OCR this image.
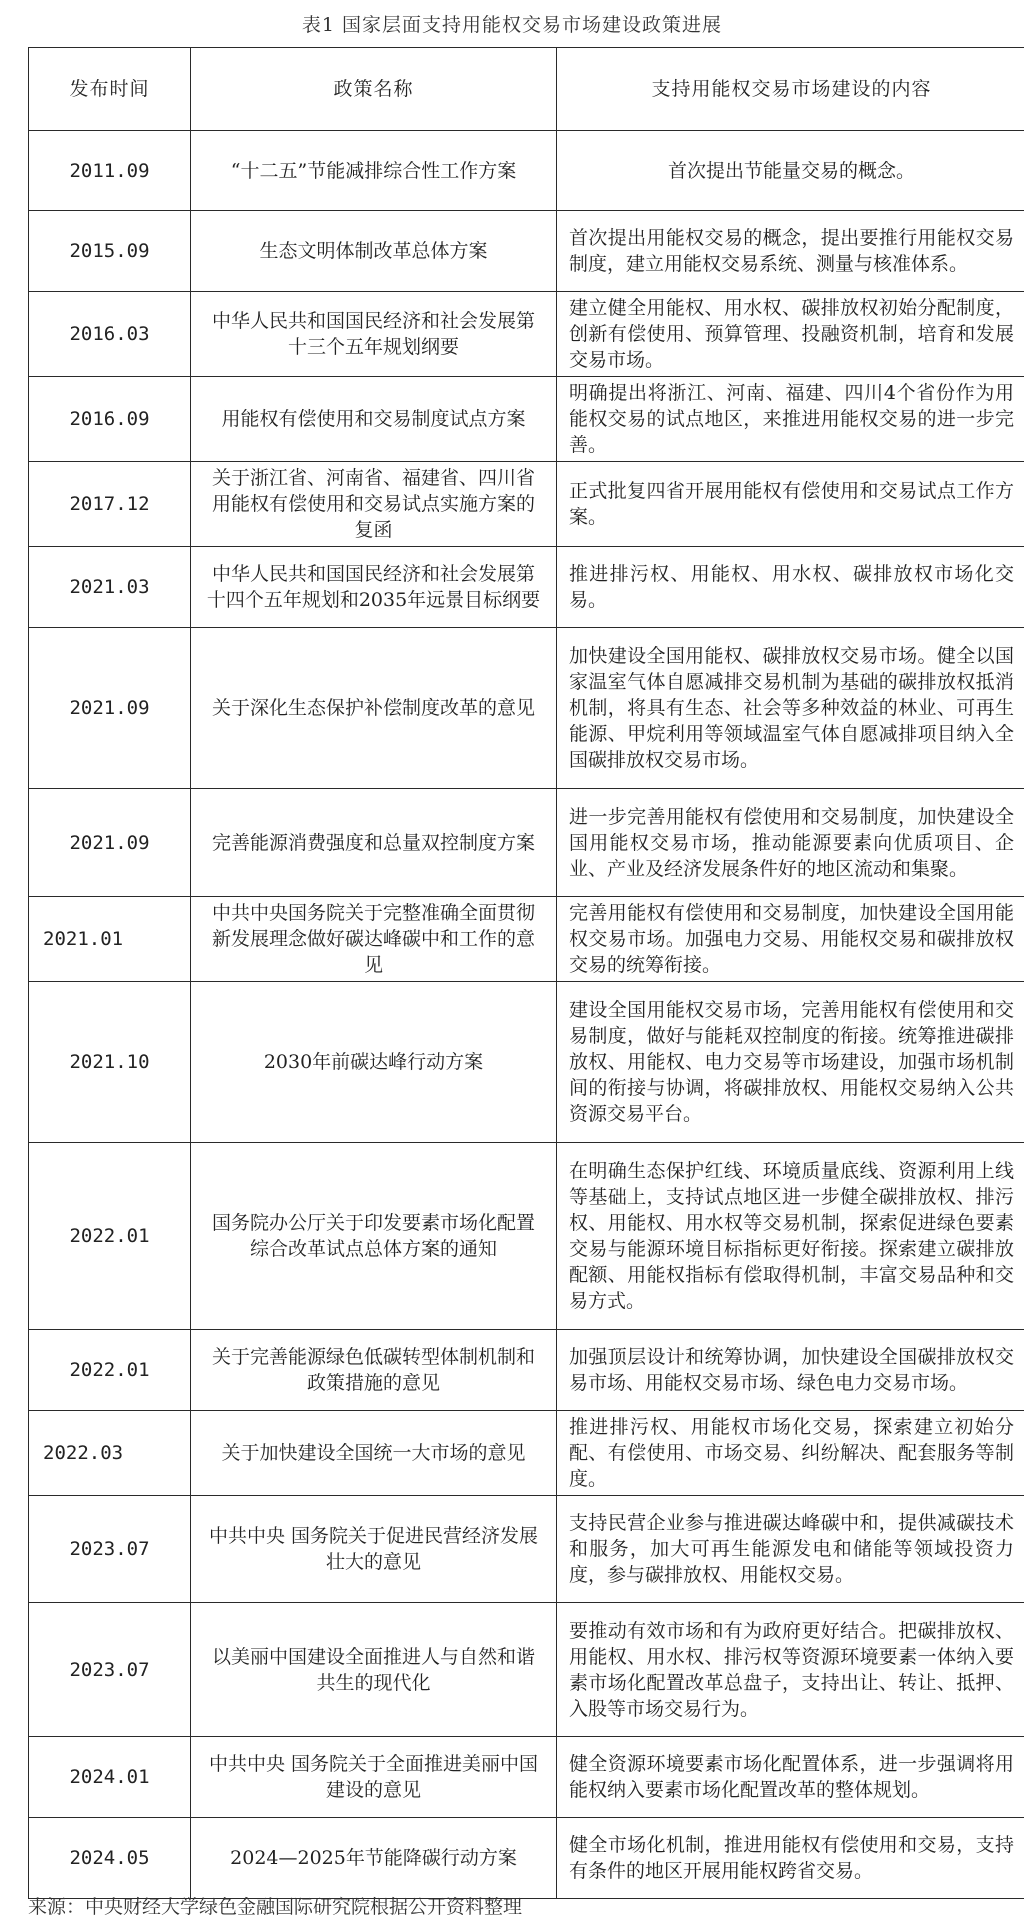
表1 国家层面支持用能权交易市场建设政策进展
发布时间	政策名称	支持用能权交易市场建设的内容
2011.09	“十二五”节能减排综合性工作方案	首次提出节能量交易的概念。
2015.09	生态文明体制改革总体方案	首次提出用能权交易的概念，提出要推行用能权交易制度，建立用能权交易系统、测量与核准体系。
2016.03	中华人民共和国国民经济和社会发展第十三个五年规划纲要	建立健全用能权、用水权、碳排放权初始分配制度，创新有偿使用、预算管理、投融资机制，培育和发展交易市场。
2016.09	用能权有偿使用和交易制度试点方案	明确提出将浙江、河南、福建、四川4个省份作为用能权交易的试点地区，来推进用能权交易的进一步完善。
2017.12	关于浙江省、河南省、福建省、四川省用能权有偿使用和交易试点实施方案的复函	正式批复四省开展用能权有偿使用和交易试点工作方案。
2021.03	中华人民共和国国民经济和社会发展第十四个五年规划和2035年远景目标纲要	推进排污权、用能权、用水权、碳排放权市场化交易。
2021.09	关于深化生态保护补偿制度改革的意见	加快建设全国用能权、碳排放权交易市场。健全以国家温室气体自愿减排交易机制为基础的碳排放权抵消机制，将具有生态、社会等多种效益的林业、可再生能源、甲烷利用等领域温室气体自愿减排项目纳入全国碳排放权交易市场。
2021.09	完善能源消费强度和总量双控制度方案	进一步完善用能权有偿使用和交易制度，加快建设全国用能权交易市场，推动能源要素向优质项目、企业、产业及经济发展条件好的地区流动和集聚。
2021.01	中共中央国务院关于完整准确全面贯彻新发展理念做好碳达峰碳中和工作的意见	完善用能权有偿使用和交易制度，加快建设全国用能权交易市场。加强电力交易、用能权交易和碳排放权交易的统筹衔接。
2021.10	2030年前碳达峰行动方案	建设全国用能权交易市场，完善用能权有偿使用和交易制度，做好与能耗双控制度的衔接。统筹推进碳排放权、用能权、电力交易等市场建设，加强市场机制间的衔接与协调，将碳排放权、用能权交易纳入公共资源交易平台。
2022.01	国务院办公厅关于印发要素市场化配置综合改革试点总体方案的通知	在明确生态保护红线、环境质量底线、资源利用上线等基础上，支持试点地区进一步健全碳排放权、排污权、用能权、用水权等交易机制，探索促进绿色要素交易与能源环境目标指标更好衔接。探索建立碳排放配额、用能权指标有偿取得机制，丰富交易品种和交易方式。
2022.01	关于完善能源绿色低碳转型体制机制和政策措施的意见	加强顶层设计和统筹协调，加快建设全国碳排放权交易市场、用能权交易市场、绿色电力交易市场。
2022.03	关于加快建设全国统一大市场的意见	推进排污权、用能权市场化交易，探索建立初始分配、有偿使用、市场交易、纠纷解决、配套服务等制度。
2023.07	中共中央 国务院关于促进民营经济发展壮大的意见	支持民营企业参与推进碳达峰碳中和，提供减碳技术和服务，加大可再生能源发电和储能等领域投资力度，参与碳排放权、用能权交易。
2023.07	以美丽中国建设全面推进人与自然和谐共生的现代化	要推动有效市场和有为政府更好结合。把碳排放权、用能权、用水权、排污权等资源环境要素一体纳入要素市场化配置改革总盘子，支持出让、转让、抵押、入股等市场交易行为。
2024.01	中共中央 国务院关于全面推进美丽中国建设的意见	健全资源环境要素市场化配置体系，进一步强调将用能权纳入要素市场化配置改革的整体规划。
2024.05	2024—2025年节能降碳行动方案	健全市场化机制，推进用能权有偿使用和交易，支持有条件的地区开展用能权跨省交易。
来源：中央财经大学绿色金融国际研究院根据公开资料整理
